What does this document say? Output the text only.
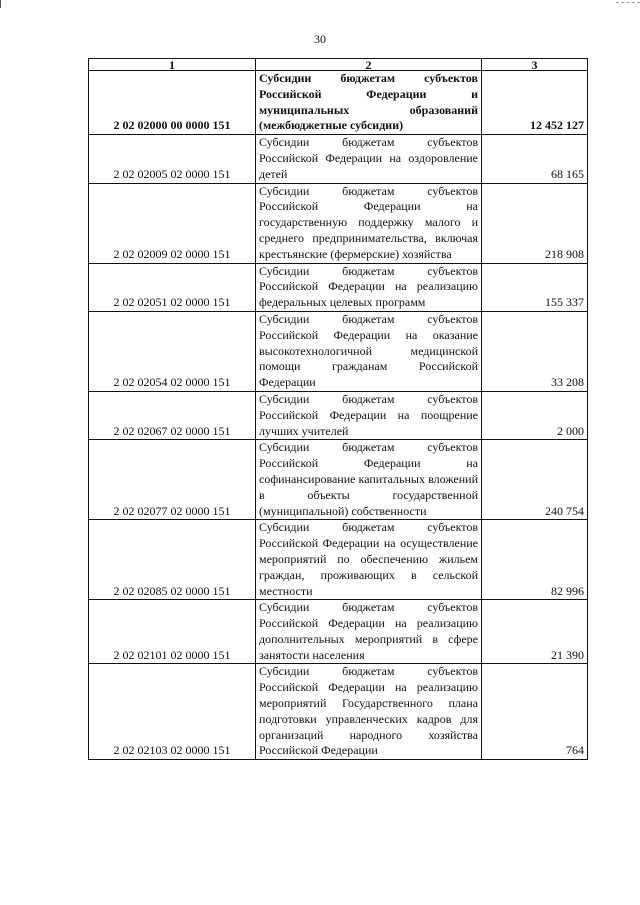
30
1	2	3
2 02 02000 00 0000 151	Субсидии бюджетам субъектов Российской Федерации и муниципальных образований (межбюджетные субсидии)	12 452 127
2 02 02005 02 0000 151	Субсидии бюджетам субъектов Российской Федерации на оздоровление детей	68 165
2 02 02009 02 0000 151	Субсидии бюджетам субъектов Российской Федерации на государственную поддержку малого и среднего предпринимательства, включая крестьянские (фермерские) хозяйства	218 908
2 02 02051 02 0000 151	Субсидии бюджетам субъектов Российской Федерации на реализацию федеральных целевых программ	155 337
2 02 02054 02 0000 151	Субсидии бюджетам субъектов Российской Федерации на оказание высокотехнологичной медицинской помощи гражданам Российской Федерации	33 208
2 02 02067 02 0000 151	Субсидии бюджетам субъектов Российской Федерации на поощрение лучших учителей	2 000
2 02 02077 02 0000 151	Субсидии бюджетам субъектов Российской Федерации на софинансирование капитальных вложений в объекты государственной (муниципальной) собственности	240 754
2 02 02085 02 0000 151	Субсидии бюджетам субъектов Российской Федерации на осуществление мероприятий по обеспечению жильем граждан, проживающих в сельской местности	82 996
2 02 02101 02 0000 151	Субсидии бюджетам субъектов Российской Федерации на реализацию дополнительных мероприятий в сфере занятости населения	21 390
2 02 02103 02 0000 151	Субсидии бюджетам субъектов Российской Федерации на реализацию мероприятий Государственного плана подготовки управленческих кадров для организаций народного хозяйства Российской Федерации	764
